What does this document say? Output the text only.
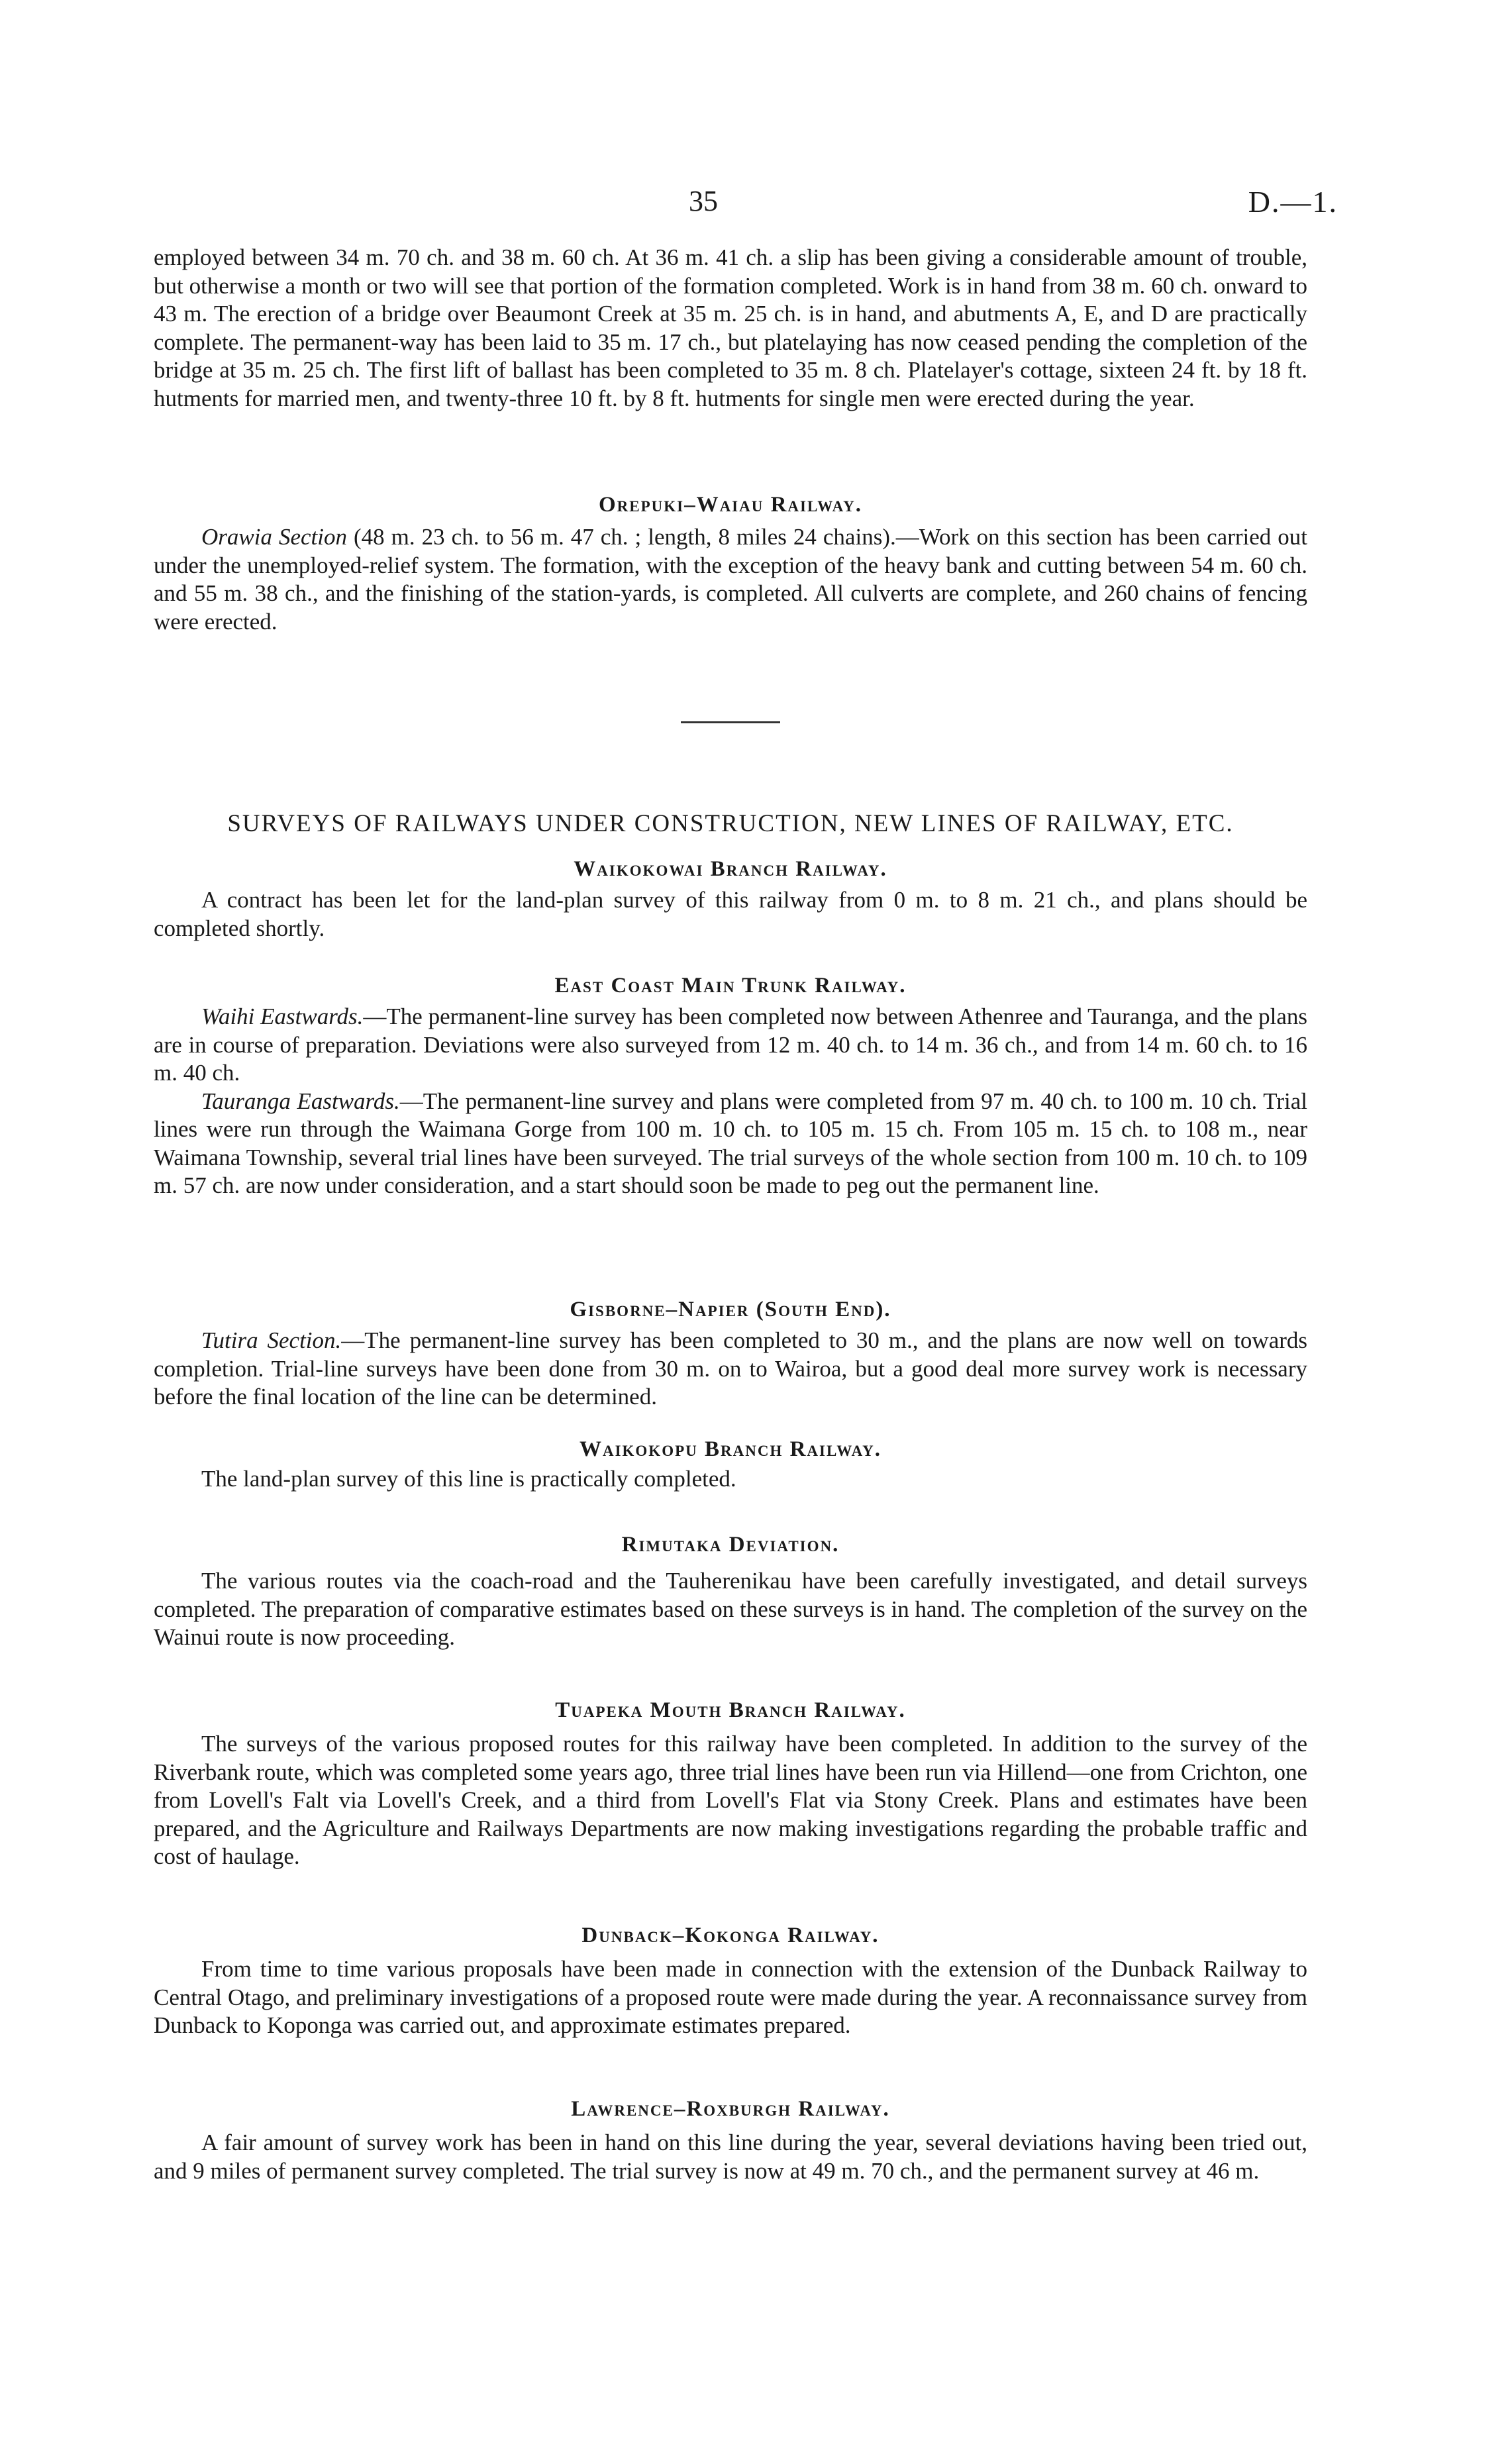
35	D.—1.

employed between 34 m. 70 ch. and 38 m. 60 ch. At 36 m. 41 ch. a slip has been giving a considerable amount of trouble, but otherwise a month or two will see that portion of the formation completed. Work is in hand from 38 m. 60 ch. onward to 43 m. The erection of a bridge over Beaumont Creek at 35 m. 25 ch. is in hand, and abutments A, E, and D are practically complete. The permanent-way has been laid to 35 m. 17 ch., but platelaying has now ceased pending the completion of the bridge at 35 m. 25 ch. The first lift of ballast has been completed to 35 m. 8 ch. Platelayer's cottage, sixteen 24 ft. by 18 ft. hutments for married men, and twenty-three 10 ft. by 8 ft. hutments for single men were erected during the year.

Orepuki–Waiau Railway.

Orawia Section (48 m. 23 ch. to 56 m. 47 ch. ; length, 8 miles 24 chains).—Work on this section has been carried out under the unemployed-relief system. The formation, with the exception of the heavy bank and cutting between 54 m. 60 ch. and 55 m. 38 ch., and the finishing of the station-yards, is completed. All culverts are complete, and 260 chains of fencing were erected.

SURVEYS OF RAILWAYS UNDER CONSTRUCTION, NEW LINES OF RAILWAY, ETC.
Waikokowai Branch Railway.

A contract has been let for the land-plan survey of this railway from 0 m. to 8 m. 21 ch., and plans should be completed shortly.

East Coast Main Trunk Railway.

Waihi Eastwards.—The permanent-line survey has been completed now between Athenree and Tauranga, and the plans are in course of preparation. Deviations were also surveyed from 12 m. 40 ch. to 14 m. 36 ch., and from 14 m. 60 ch. to 16 m. 40 ch.

Tauranga Eastwards.—The permanent-line survey and plans were completed from 97 m. 40 ch. to 100 m. 10 ch. Trial lines were run through the Waimana Gorge from 100 m. 10 ch. to 105 m. 15 ch. From 105 m. 15 ch. to 108 m., near Waimana Township, several trial lines have been surveyed. The trial surveys of the whole section from 100 m. 10 ch. to 109 m. 57 ch. are now under consideration, and a start should soon be made to peg out the permanent line.

Gisborne–Napier (South End).

Tutira Section.—The permanent-line survey has been completed to 30 m., and the plans are now well on towards completion. Trial-line surveys have been done from 30 m. on to Wairoa, but a good deal more survey work is necessary before the final location of the line can be determined.

Waikokopu Branch Railway.

The land-plan survey of this line is practically completed.

Rimutaka Deviation.

The various routes via the coach-road and the Tauherenikau have been carefully investigated, and detail surveys completed. The preparation of comparative estimates based on these surveys is in hand. The completion of the survey on the Wainui route is now proceeding.

Tuapeka Mouth Branch Railway.

The surveys of the various proposed routes for this railway have been completed. In addition to the survey of the Riverbank route, which was completed some years ago, three trial lines have been run via Hillend—one from Crichton, one from Lovell's Falt via Lovell's Creek, and a third from Lovell's Flat via Stony Creek. Plans and estimates have been prepared, and the Agriculture and Railways Departments are now making investigations regarding the probable traffic and cost of haulage.

Dunback–Kokonga Railway.

From time to time various proposals have been made in connection with the extension of the Dunback Railway to Central Otago, and preliminary investigations of a proposed route were made during the year. A reconnaissance survey from Dunback to Koponga was carried out, and approximate estimates prepared.

Lawrence–Roxburgh Railway.

A fair amount of survey work has been in hand on this line during the year, several deviations having been tried out, and 9 miles of permanent survey completed. The trial survey is now at 49 m. 70 ch., and the permanent survey at 46 m.
